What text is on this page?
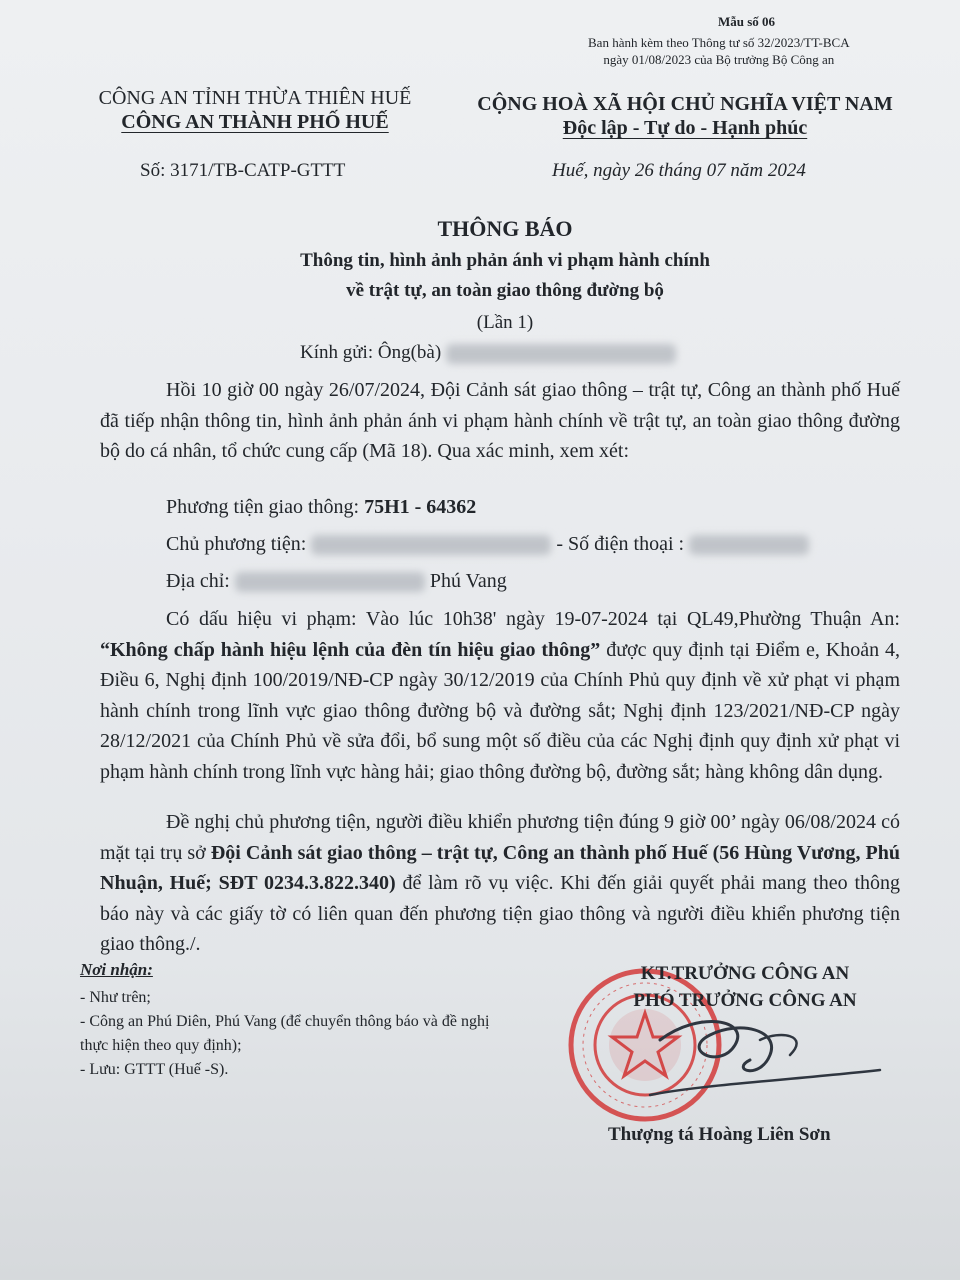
Mẫu số 06
Ban hành kèm theo Thông tư số 32/2023/TT-BCA
ngày 01/08/2023 của Bộ trưởng Bộ Công an
CÔNG AN TỈNH THỪA THIÊN HUẾ
CÔNG AN THÀNH PHỐ HUẾ
CỘNG HOÀ XÃ HỘI CHỦ NGHĨA VIỆT NAM
Độc lập - Tự do - Hạnh phúc
Số: 3171/TB-CATP-GTTT	Huế, ngày 26 tháng 07 năm 2024
THÔNG BÁO
Thông tin, hình ảnh phản ánh vi phạm hành chính
về trật tự, an toàn giao thông đường bộ
(Lần 1)
Kính gửi: Ông(bà)
Hồi 10 giờ 00 ngày 26/07/2024, Đội Cảnh sát giao thông – trật tự, Công an thành phố Huế đã tiếp nhận thông tin, hình ảnh phản ánh vi phạm hành chính về trật tự, an toàn giao thông đường bộ do cá nhân, tổ chức cung cấp (Mã 18). Qua xác minh, xem xét:
Phương tiện giao thông: 75H1 - 64362
Chủ phương tiện:	- Số điện thoại :
Địa chỉ:	Phú Vang
Có dấu hiệu vi phạm: Vào lúc 10h38' ngày 19-07-2024 tại QL49,Phường Thuận An: “Không chấp hành hiệu lệnh của đèn tín hiệu giao thông” được quy định tại Điểm e, Khoản 4, Điều 6, Nghị định 100/2019/NĐ-CP ngày 30/12/2019 của Chính Phủ quy định về xử phạt vi phạm hành chính trong lĩnh vực giao thông đường bộ và đường sắt; Nghị định 123/2021/NĐ-CP ngày 28/12/2021 của Chính Phủ về sửa đổi, bổ sung một số điều của các Nghị định quy định xử phạt vi phạm hành chính trong lĩnh vực hàng hải; giao thông đường bộ, đường sắt; hàng không dân dụng.
Đề nghị chủ phương tiện, người điều khiển phương tiện đúng 9 giờ 00’ ngày 06/08/2024 có mặt tại trụ sở Đội Cảnh sát giao thông – trật tự, Công an thành phố Huế (56 Hùng Vương, Phú Nhuận, Huế; SĐT 0234.3.822.340) để làm rõ vụ việc. Khi đến giải quyết phải mang theo thông báo này và các giấy tờ có liên quan đến phương tiện giao thông và người điều khiển phương tiện giao thông./.
Nơi nhận:
- Như trên;
- Công an Phú Diên, Phú Vang (để chuyển thông báo và đề nghị thực hiện theo quy định);
- Lưu: GTTT (Huế -S).
KT.TRƯỞNG CÔNG AN
PHÓ TRƯỞNG CÔNG AN
Thượng tá Hoàng Liên Sơn
